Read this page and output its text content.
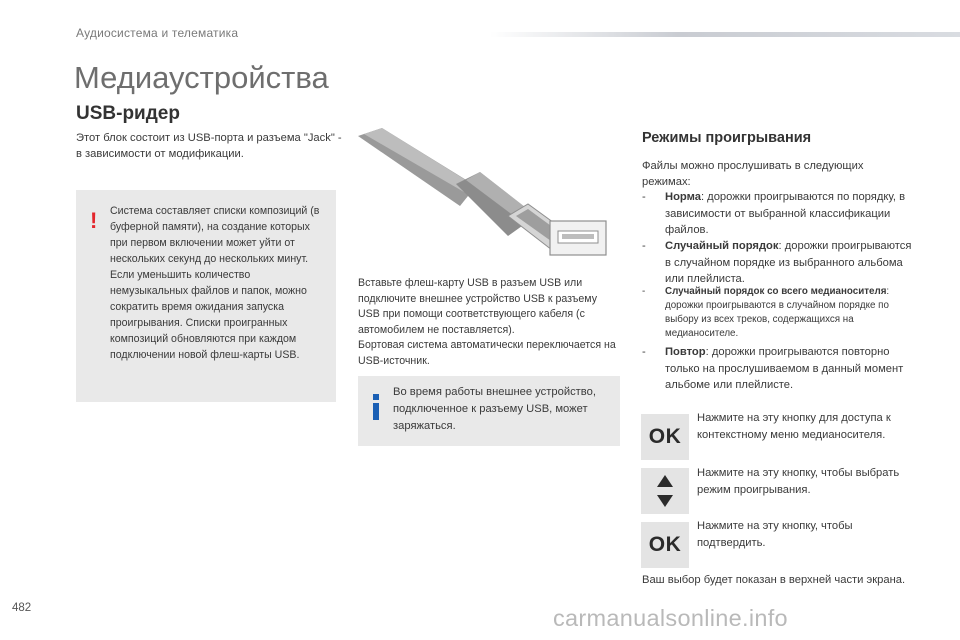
Аудиосистема и телематика
Медиаустройства
USB-ридер
Этот блок состоит из USB-порта и разъема "Jack" - в зависимости от модификации.
! Система составляет списки композиций (в буферной памяти), на создание которых при первом включении может уйти от нескольких секунд до нескольких минут.

Если уменьшить количество немузыкальных файлов и папок, можно сократить время ожидания запуска проигрывания. Списки проигранных композиций обновляются при каждом подключении новой флеш-карты USB.

Вставьте флеш-карту USB в разъем USB или подключите внешнее устройство USB к разъему USB при помощи соответствующего кабеля (с автомобилем не поставляется).

Бортовая система автоматически переключается на USB-источник.

Во время работы внешнее устройство, подключенное к разъему USB, может заряжаться.
Режимы проигрывания
Файлы можно прослушивать в следующих режимах:
- Норма: дорожки проигрываются по порядку, в зависимости от выбранной классификации файлов.
- Случайный порядок: дорожки проигрываются в случайном порядке из выбранного альбома или плейлиста.
- Случайный порядок со всего медианосителя: дорожки проигрываются в случайном порядке по выбору из всех треков, содержащихся на медианосителе.
- Повтор: дорожки проигрываются повторно только на прослушиваемом в данный момент альбоме или плейлисте.
OK
Нажмите на эту кнопку для доступа к контекстному меню медианосителя.
Нажмите на эту кнопку, чтобы выбрать режим проигрывания.
OK
Нажмите на эту кнопку, чтобы подтвердить.
Ваш выбор будет показан в верхней части экрана.
482	carmanualsonline.info
